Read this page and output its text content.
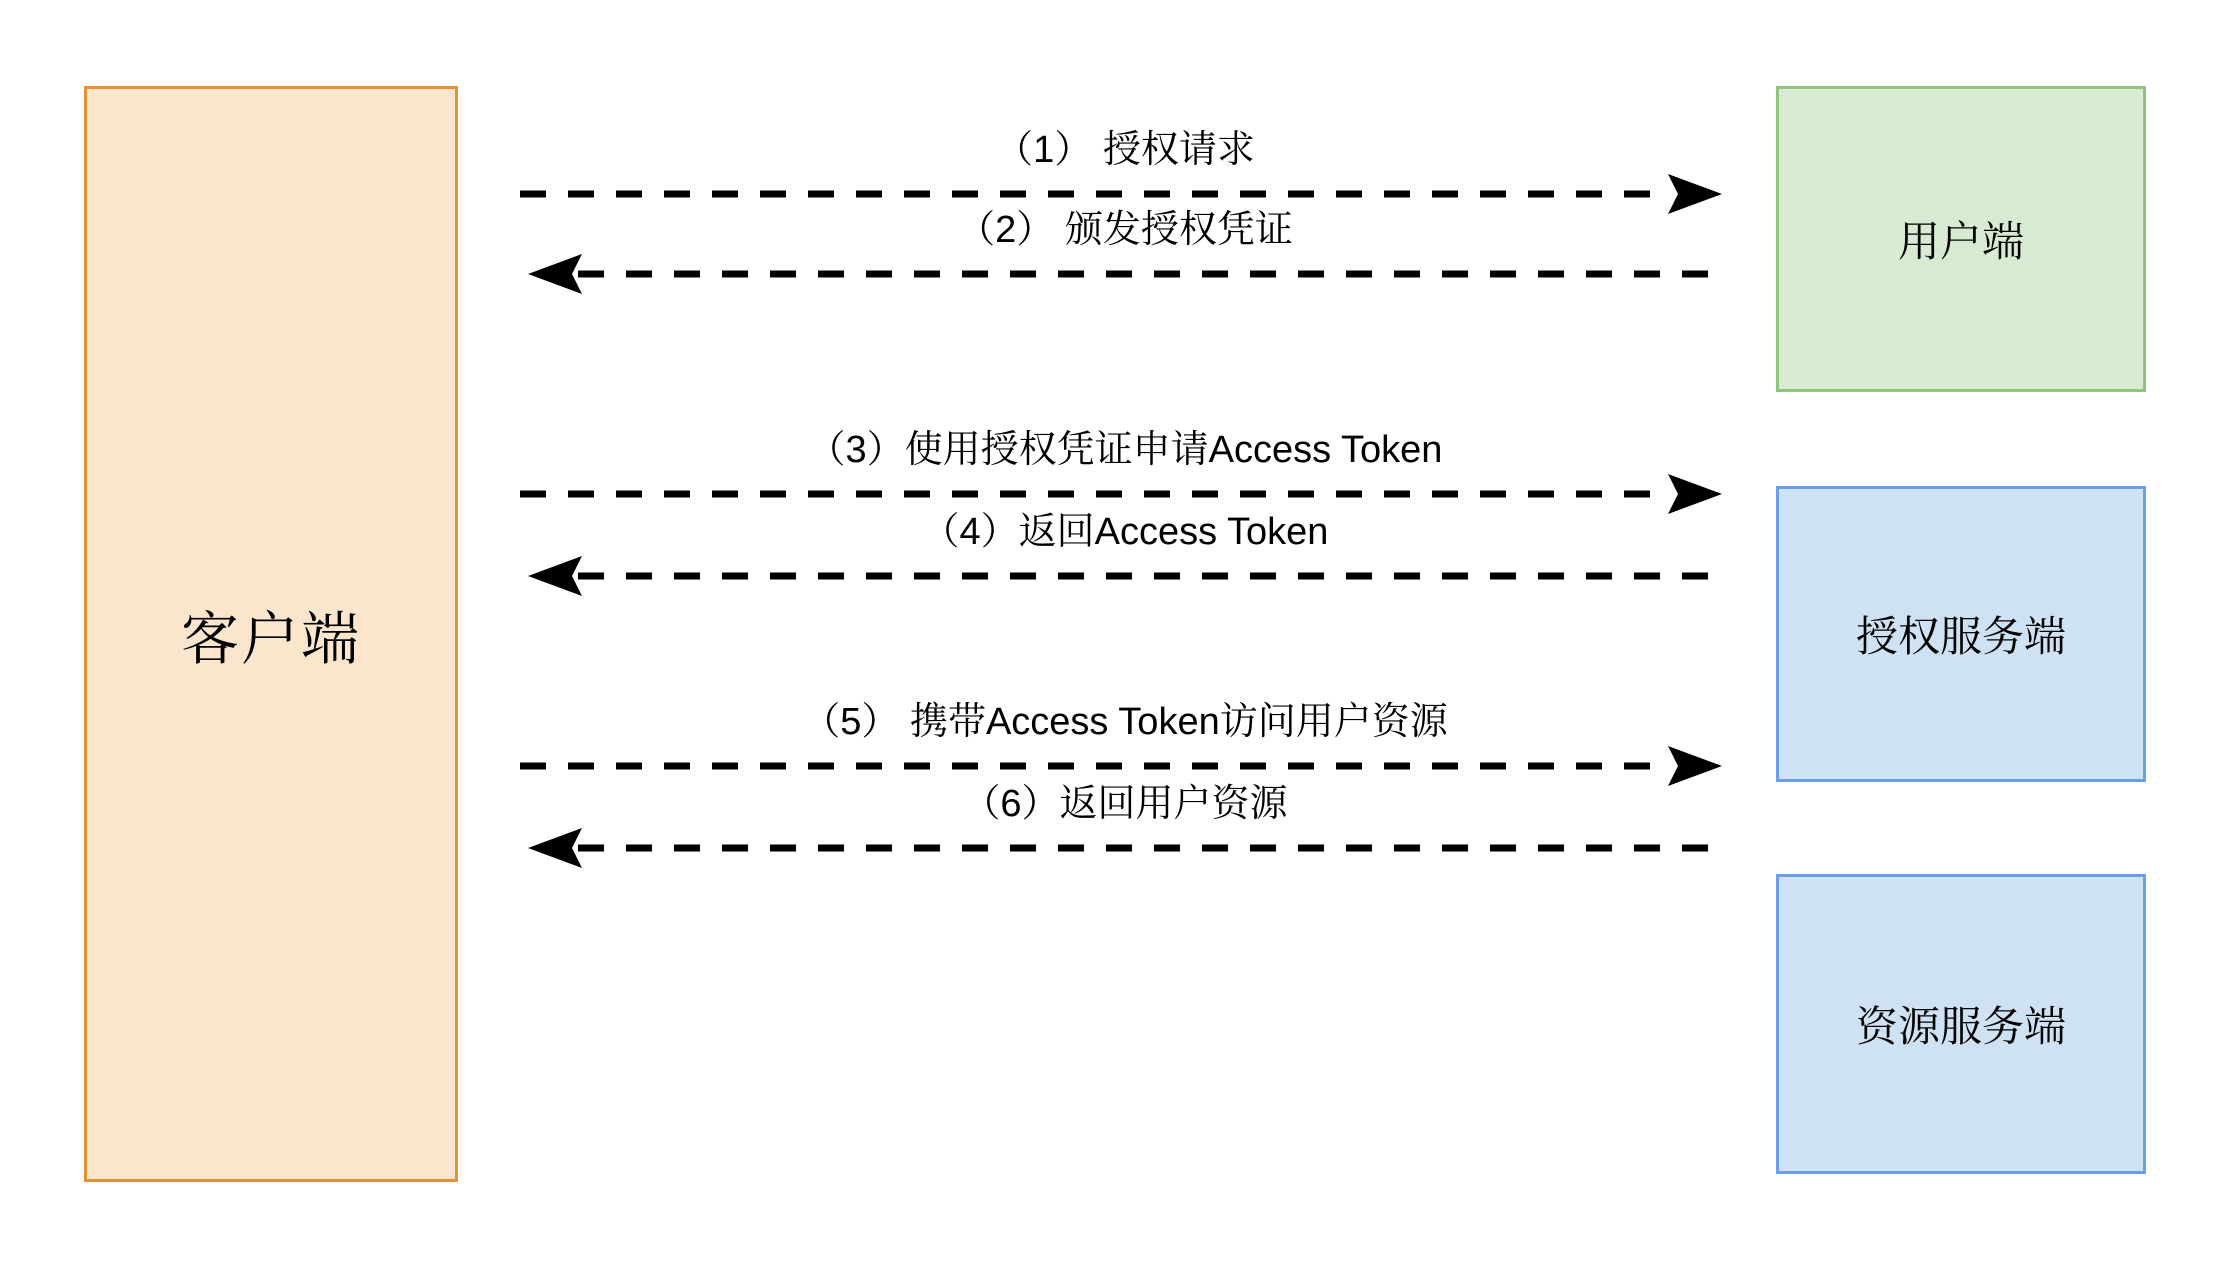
客户端
用户端
授权服务端
资源服务端
（1） 授权请求
（2） 颁发授权凭证
（3）使用授权凭证申请Access Token
（4）返回Access Token
（5） 携带Access Token访问用户资源
（6）返回用户资源
